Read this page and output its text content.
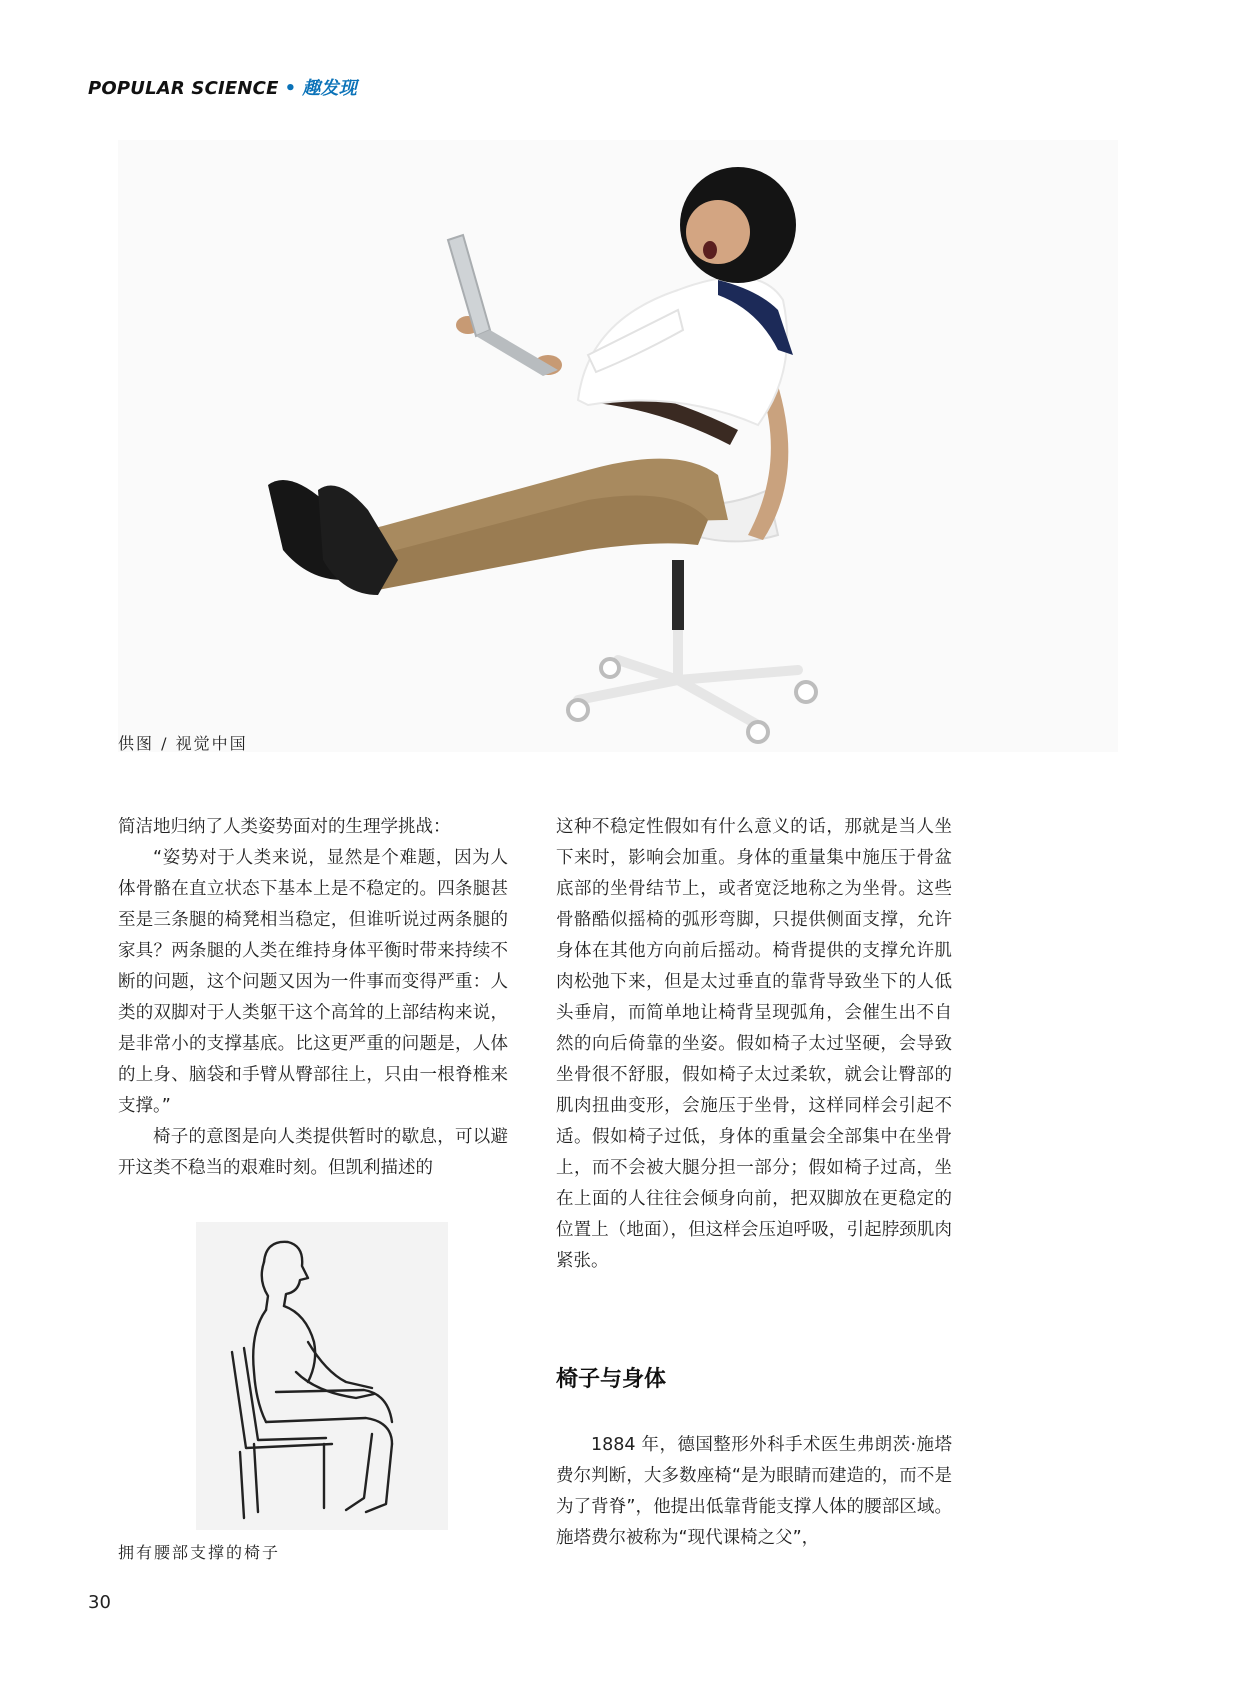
POPULAR SCIENCE • 趣发现
供图 / 视觉中国

简洁地归纳了人类姿势面对的生理学挑战：

“姿势对于人类来说，显然是个难题，因为人体骨骼在直立状态下基本上是不稳定的。四条腿甚至是三条腿的椅凳相当稳定，但谁听说过两条腿的家具？两条腿的人类在维持身体平衡时带来持续不断的问题，这个问题又因为一件事而变得严重：人类的双脚对于人类躯干这个高耸的上部结构来说，是非常小的支撑基底。比这更严重的问题是，人体的上身、脑袋和手臂从臀部往上，只由一根脊椎来支撑。”

椅子的意图是向人类提供暂时的歇息，可以避开这类不稳当的艰难时刻。但凯利描述的

拥有腰部支撑的椅子

这种不稳定性假如有什么意义的话，那就是当人坐下来时，影响会加重。身体的重量集中施压于骨盆底部的坐骨结节上，或者宽泛地称之为坐骨。这些骨骼酷似摇椅的弧形弯脚，只提供侧面支撑，允许身体在其他方向前后摇动。椅背提供的支撑允许肌肉松弛下来，但是太过垂直的靠背导致坐下的人低头垂肩，而简单地让椅背呈现弧角，会催生出不自然的向后倚靠的坐姿。假如椅子太过坚硬，会导致坐骨很不舒服，假如椅子太过柔软，就会让臀部的肌肉扭曲变形，会施压于坐骨，这样同样会引起不适。假如椅子过低，身体的重量会全部集中在坐骨上，而不会被大腿分担一部分；假如椅子过高，坐在上面的人往往会倾身向前，把双脚放在更稳定的位置上（地面），但这样会压迫呼吸，引起脖颈肌肉紧张。

椅子与身体

1884 年，德国整形外科手术医生弗朗茨·施塔费尔判断，大多数座椅“是为眼睛而建造的，而不是为了背脊”，他提出低靠背能支撑人体的腰部区域。施塔费尔被称为“现代课椅之父”，

30
